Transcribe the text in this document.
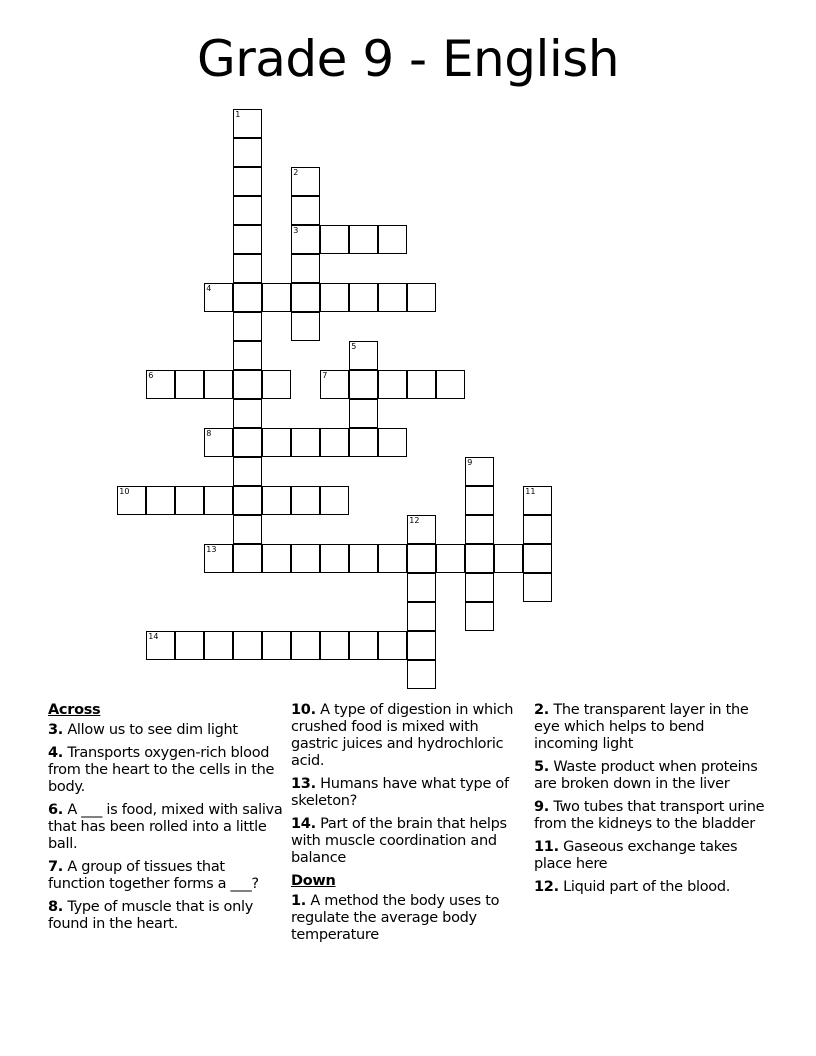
Grade 9 - English
1
2
3
4
5
6	7
8
9
10	11
12
13
14
Across
3. Allow us to see dim light
4. Transports oxygen-rich blood from the heart to the cells in the body.
6. A ___ is food, mixed with saliva that has been rolled into a little ball.
7. A group of tissues that function together forms a ___?
8. Type of muscle that is only found in the heart.
10. A type of digestion in which crushed food is mixed with gastric juices and hydrochloric acid.
13. Humans have what type of skeleton?
14. Part of the brain that helps with muscle coordination and balance
Down
1. A method the body uses to regulate the average body temperature
2. The transparent layer in the eye which helps to bend incoming light
5. Waste product when proteins are broken down in the liver
9. Two tubes that transport urine from the kidneys to the bladder
11. Gaseous exchange takes place here
12. Liquid part of the blood.
